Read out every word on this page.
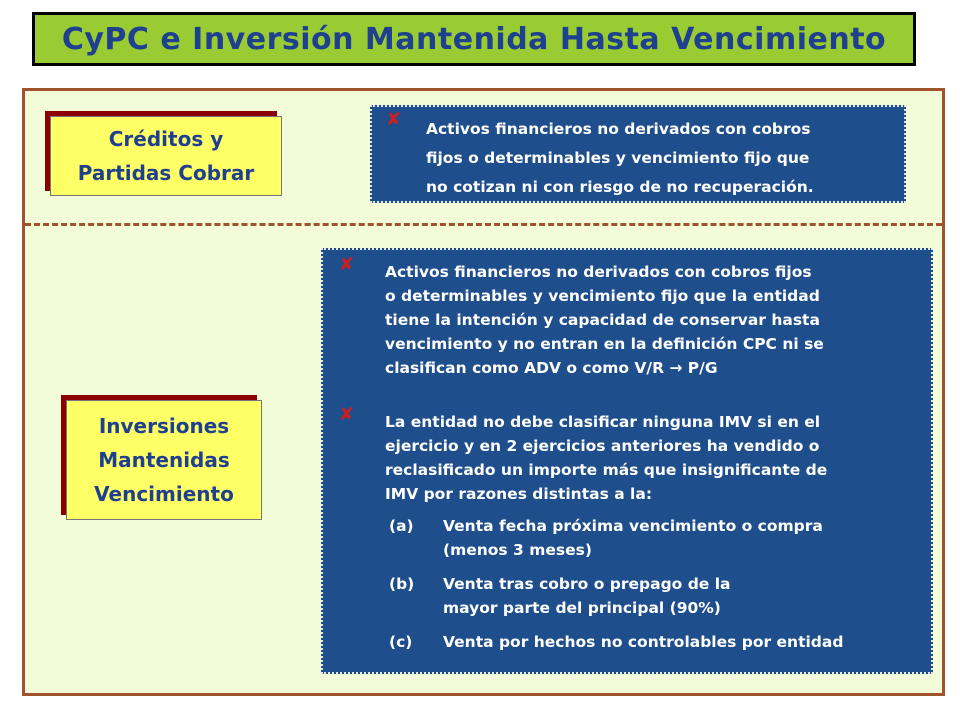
CyPC e Inversión Mantenida Hasta Vencimiento
Créditos y
Partidas Cobrar
✘ Activos financieros no derivados con cobros
fijos o determinables y vencimiento fijo que
no cotizan ni con riesgo de no recuperación.
Inversiones
Mantenidas
Vencimiento
✘ Activos financieros no derivados con cobros fijos
o determinables y vencimiento fijo que la entidad
tiene la intención y capacidad de conservar hasta
vencimiento y no entran en la definición CPC ni se
clasifican como ADV o como V/R → P/G
✘ La entidad no debe clasificar ninguna IMV si en el
ejercicio y en 2 ejercicios anteriores ha vendido o
reclasificado un importe más que insignificante de
IMV por razones distintas a la:
(a) Venta fecha próxima vencimiento o compra
(menos 3 meses)
(b) Venta tras cobro o prepago de la
mayor parte del principal (90%)
(c) Venta por hechos no controlables por entidad
